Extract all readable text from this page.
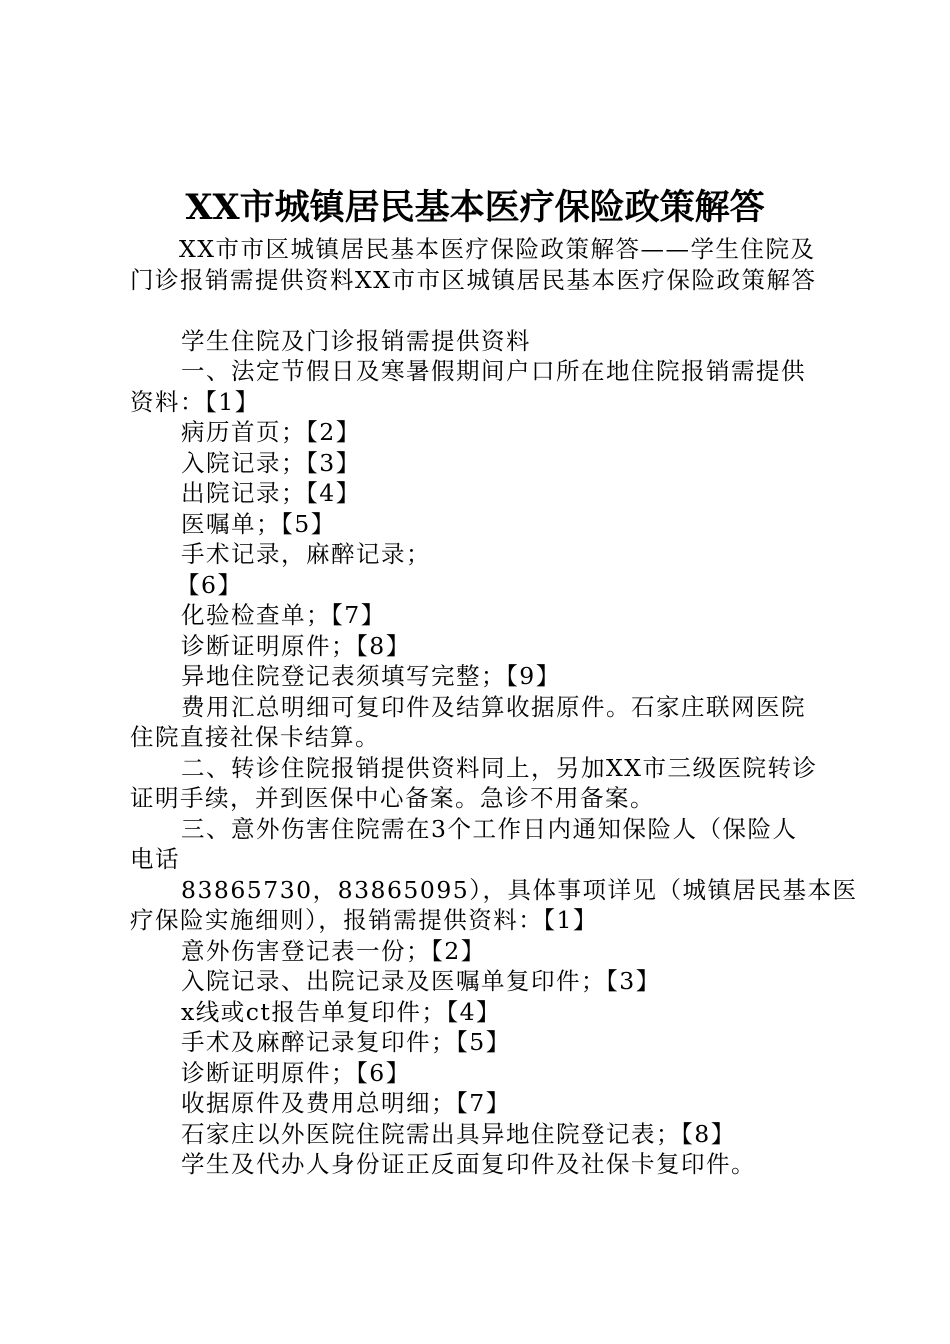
XX市城镇居民基本医疗保险政策解答
XX市市区城镇居民基本医疗保险政策解答——学生住院及
门诊报销需提供资料XX市市区城镇居民基本医疗保险政策解答
学生住院及门诊报销需提供资料
一、法定节假日及寒暑假期间户口所在地住院报销需提供
资料：【1】
病历首页；【2】
入院记录；【3】
出院记录；【4】
医嘱单；【5】
手术记录，麻醉记录；
【6】
化验检查单；【7】
诊断证明原件；【8】
异地住院登记表须填写完整；【9】
费用汇总明细可复印件及结算收据原件。石家庄联网医院
住院直接社保卡结算。
二、转诊住院报销提供资料同上，另加XX市三级医院转诊
证明手续，并到医保中心备案。急诊不用备案。
三、意外伤害住院需在3个工作日内通知保险人（保险人
电话
83865730，83865095），具体事项详见（城镇居民基本医
疗保险实施细则），报销需提供资料：【1】
意外伤害登记表一份；【2】
入院记录、出院记录及医嘱单复印件；【3】
x线或ct报告单复印件；【4】
手术及麻醉记录复印件；【5】
诊断证明原件；【6】
收据原件及费用总明细；【7】
石家庄以外医院住院需出具异地住院登记表；【8】
学生及代办人身份证正反面复印件及社保卡复印件。
